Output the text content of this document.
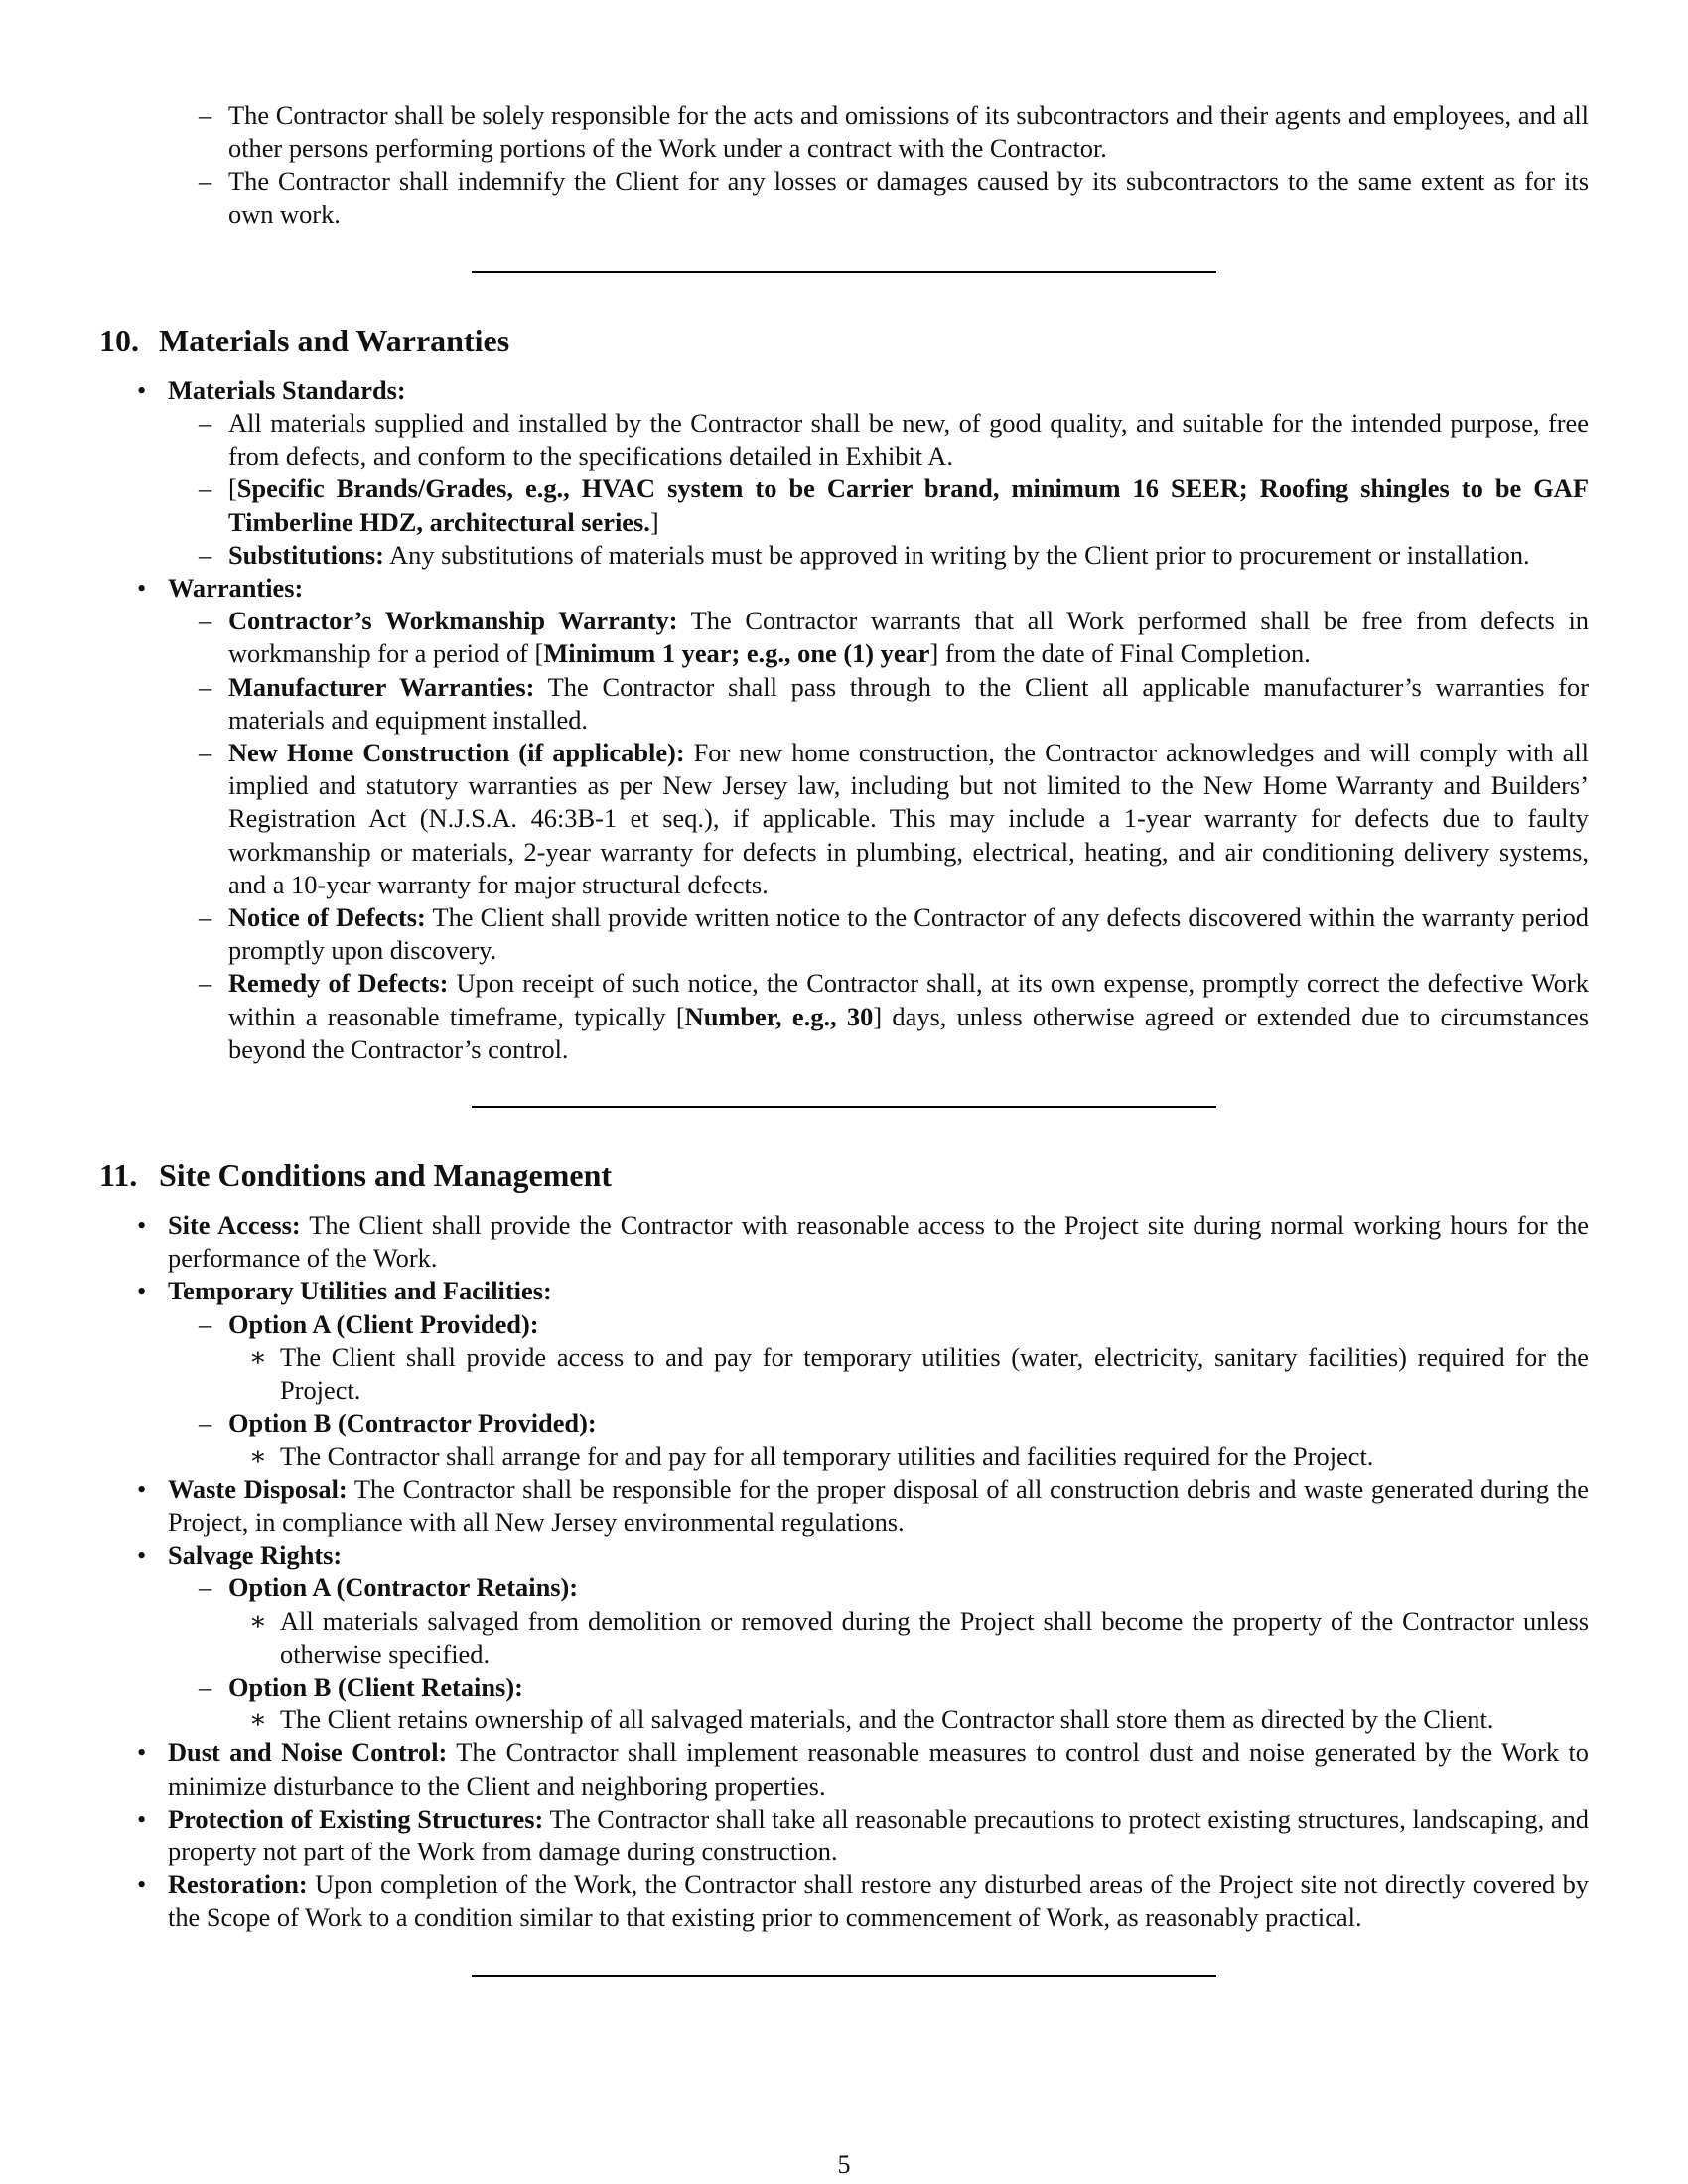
– The Contractor shall be solely responsible for the acts and omissions of its subcontractors and their agents and employees, and all other persons performing portions of the Work under a contract with the Contractor.
– The Contractor shall indemnify the Client for any losses or damages caused by its subcontractors to the same extent as for its own work.
10. Materials and Warranties
• Materials Standards:
– All materials supplied and installed by the Contractor shall be new, of good quality, and suitable for the intended purpose, free from defects, and conform to the specifications detailed in Exhibit A.
– [Specific Brands/Grades, e.g., HVAC system to be Carrier brand, minimum 16 SEER; Roofing shingles to be GAF Timberline HDZ, architectural series.]
– Substitutions: Any substitutions of materials must be approved in writing by the Client prior to procurement or installation.
• Warranties:
– Contractor’s Workmanship Warranty: The Contractor warrants that all Work performed shall be free from defects in workmanship for a period of [Minimum 1 year; e.g., one (1) year] from the date of Final Completion.
– Manufacturer Warranties: The Contractor shall pass through to the Client all applicable manufacturer’s warranties for materials and equipment installed.
– New Home Construction (if applicable): For new home construction, the Contractor acknowledges and will comply with all implied and statutory warranties as per New Jersey law, including but not limited to the New Home Warranty and Builders’ Registration Act (N.J.S.A. 46:3B-1 et seq.), if applicable. This may include a 1-year warranty for defects due to faulty workmanship or materials, 2-year warranty for defects in plumbing, electrical, heating, and air conditioning delivery systems, and a 10-year warranty for major structural defects.
– Notice of Defects: The Client shall provide written notice to the Contractor of any defects discovered within the warranty period promptly upon discovery.
– Remedy of Defects: Upon receipt of such notice, the Contractor shall, at its own expense, promptly correct the defective Work within a reasonable timeframe, typically [Number, e.g., 30] days, unless otherwise agreed or extended due to circumstances beyond the Contractor’s control.
11. Site Conditions and Management
• Site Access: The Client shall provide the Contractor with reasonable access to the Project site during normal working hours for the performance of the Work.
• Temporary Utilities and Facilities:
– Option A (Client Provided):
∗ The Client shall provide access to and pay for temporary utilities (water, electricity, sanitary facilities) required for the Project.
– Option B (Contractor Provided):
∗ The Contractor shall arrange for and pay for all temporary utilities and facilities required for the Project.
• Waste Disposal: The Contractor shall be responsible for the proper disposal of all construction debris and waste generated during the Project, in compliance with all New Jersey environmental regulations.
• Salvage Rights:
– Option A (Contractor Retains):
∗ All materials salvaged from demolition or removed during the Project shall become the property of the Contractor unless otherwise specified.
– Option B (Client Retains):
∗ The Client retains ownership of all salvaged materials, and the Contractor shall store them as directed by the Client.
• Dust and Noise Control: The Contractor shall implement reasonable measures to control dust and noise generated by the Work to minimize disturbance to the Client and neighboring properties.
• Protection of Existing Structures: The Contractor shall take all reasonable precautions to protect existing structures, landscaping, and property not part of the Work from damage during construction.
• Restoration: Upon completion of the Work, the Contractor shall restore any disturbed areas of the Project site not directly covered by the Scope of Work to a condition similar to that existing prior to commencement of Work, as reasonably practical.
5
